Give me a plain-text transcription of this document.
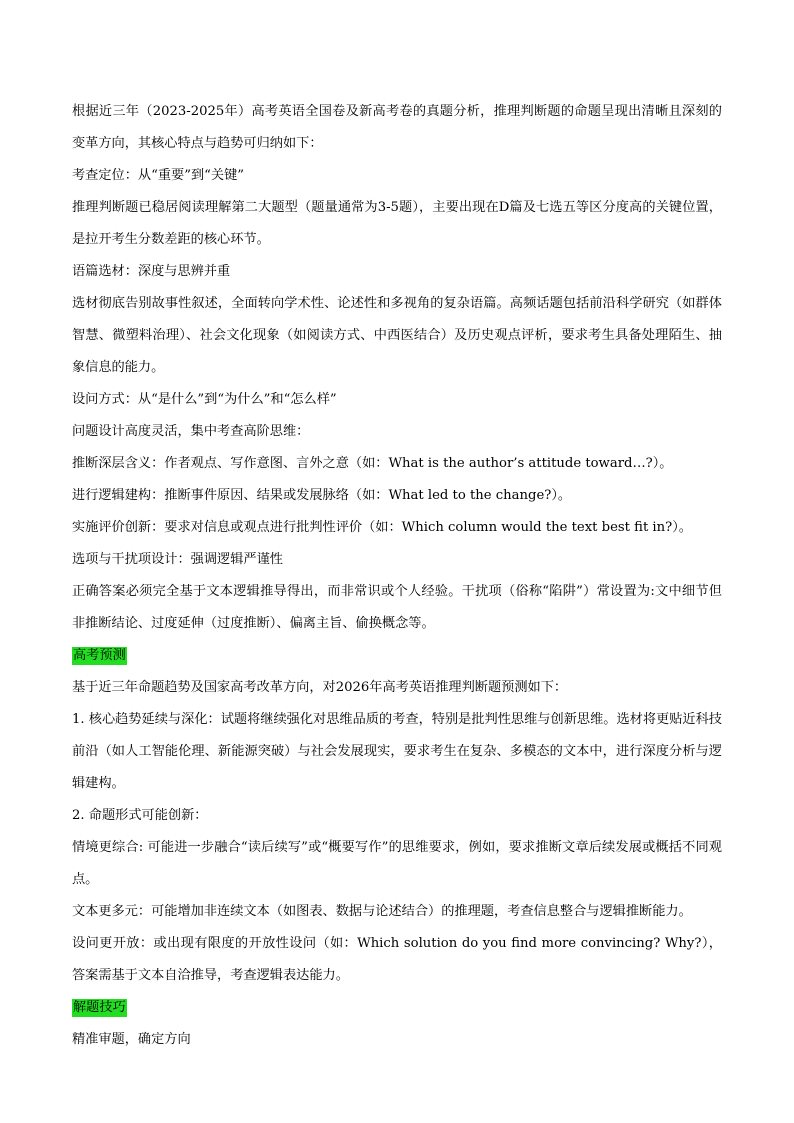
根据近三年（2023-2025年）高考英语全国卷及新高考卷的真题分析，推理判断题的命题呈现出清晰且深刻的变革方向，其核心特点与趋势可归纳如下：

考查定位：从“重要”到“关键”

推理判断题已稳居阅读理解第二大题型（题量通常为3-5题），主要出现在D篇及七选五等区分度高的关键位置，是拉开考生分数差距的核心环节。

语篇选材：深度与思辨并重

选材彻底告别故事性叙述，全面转向学术性、论述性和多视角的复杂语篇。高频话题包括前沿科学研究（如群体智慧、微塑料治理）、社会文化现象（如阅读方式、中西医结合）及历史观点评析，要求考生具备处理陌生、抽象信息的能力。

设问方式：从“是什么”到“为什么”和“怎么样”

问题设计高度灵活，集中考查高阶思维：

推断深层含义：作者观点、写作意图、言外之意（如：What is the author’s attitude toward…?）。

进行逻辑建构：推断事件原因、结果或发展脉络（如：What led to the change?）。

实施评价创新：要求对信息或观点进行批判性评价（如：Which column would the text best fit in?）。

选项与干扰项设计：强调逻辑严谨性

正确答案必须完全基于文本逻辑推导得出，而非常识或个人经验。干扰项（俗称“陷阱”）常设置为:文中细节但非推断结论、过度延伸（过度推断）、偏离主旨、偷换概念等。

高考预测

基于近三年命题趋势及国家高考改革方向，对2026年高考英语推理判断题预测如下：

1. 核心趋势延续与深化：试题将继续强化对思维品质的考查，特别是批判性思维与创新思维。选材将更贴近科技前沿（如人工智能伦理、新能源突破）与社会发展现实，要求考生在复杂、多模态的文本中，进行深度分析与逻辑建构。

2. 命题形式可能创新：

情境更综合: 可能进一步融合“读后续写”或“概要写作”的思维要求，例如，要求推断文章后续发展或概括不同观点。

文本更多元：可能增加非连续文本（如图表、数据与论述结合）的推理题，考查信息整合与逻辑推断能力。

设问更开放：或出现有限度的开放性设问（如：Which solution do you find more convincing? Why?），答案需基于文本自洽推导，考查逻辑表达能力。

解题技巧

精准审题，确定方向
